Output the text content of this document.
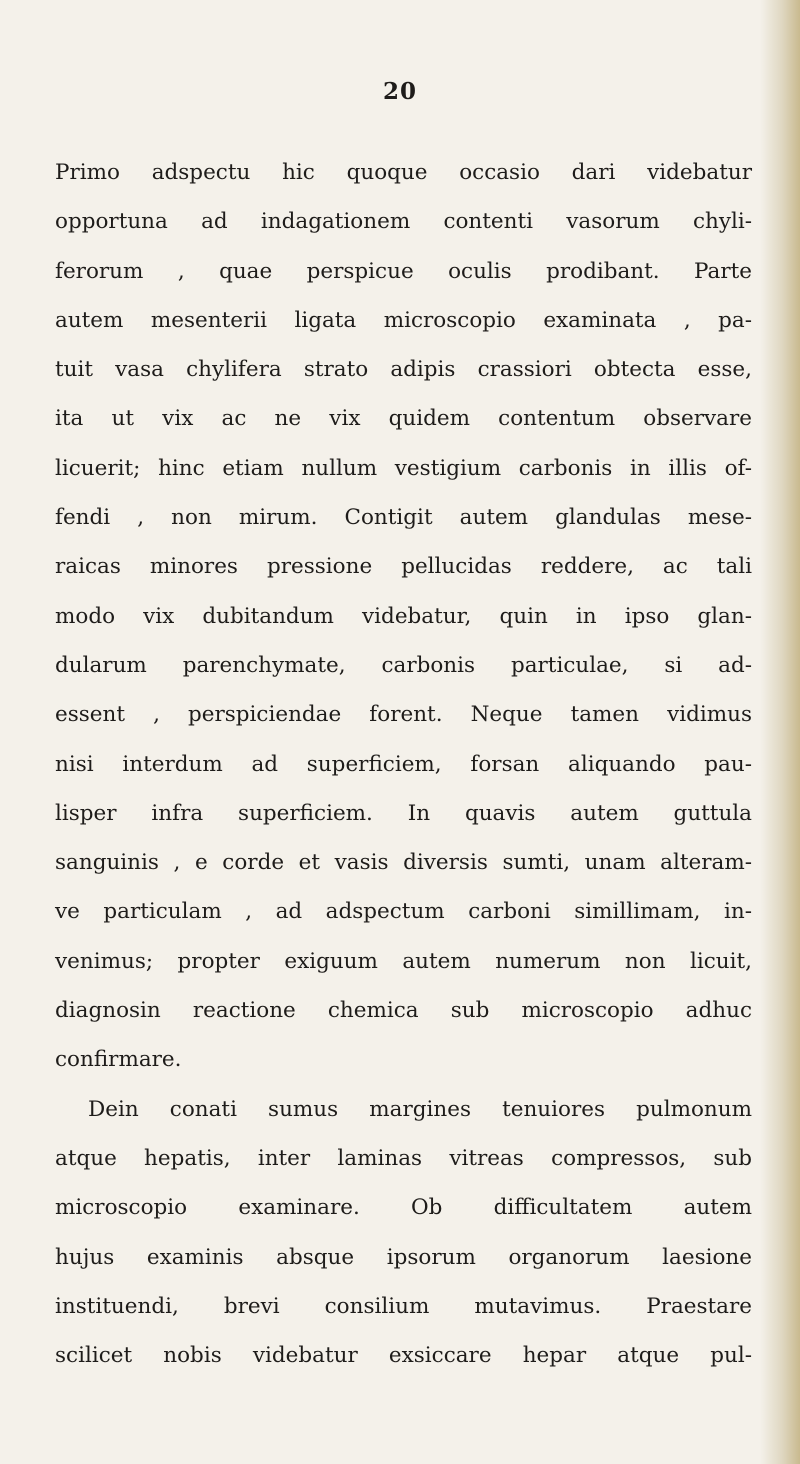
20
Primo adspectu hic quoque occasio dari videbatur
opportuna ad indagationem contenti vasorum chyli-
ferorum , quae perspicue oculis prodibant. Parte
autem mesenterii ligata microscopio examinata , pa-
tuit vasa chylifera strato adipis crassiori obtecta esse,
ita ut vix ac ne vix quidem contentum observare
licuerit; hinc etiam nullum vestigium carbonis in illis of-
fendi , non mirum. Contigit autem glandulas mese-
raicas minores pressione pellucidas reddere, ac tali
modo vix dubitandum videbatur, quin in ipso glan-
dularum parenchymate, carbonis particulae, si ad-
essent , perspiciendae forent. Neque tamen vidimus
nisi interdum ad superficiem, forsan aliquando pau-
lisper infra superficiem. In quavis autem guttula
sanguinis , e corde et vasis diversis sumti, unam alteram-
ve particulam , ad adspectum carboni simillimam, in-
venimus; propter exiguum autem numerum non licuit,
diagnosin reactione chemica sub microscopio adhuc
confirmare.
Dein conati sumus margines tenuiores pulmonum
atque hepatis, inter laminas vitreas compressos, sub
microscopio examinare. Ob difficultatem autem
hujus examinis absque ipsorum organorum laesione
instituendi, brevi consilium mutavimus. Praestare
scilicet nobis videbatur exsiccare hepar atque pul-
